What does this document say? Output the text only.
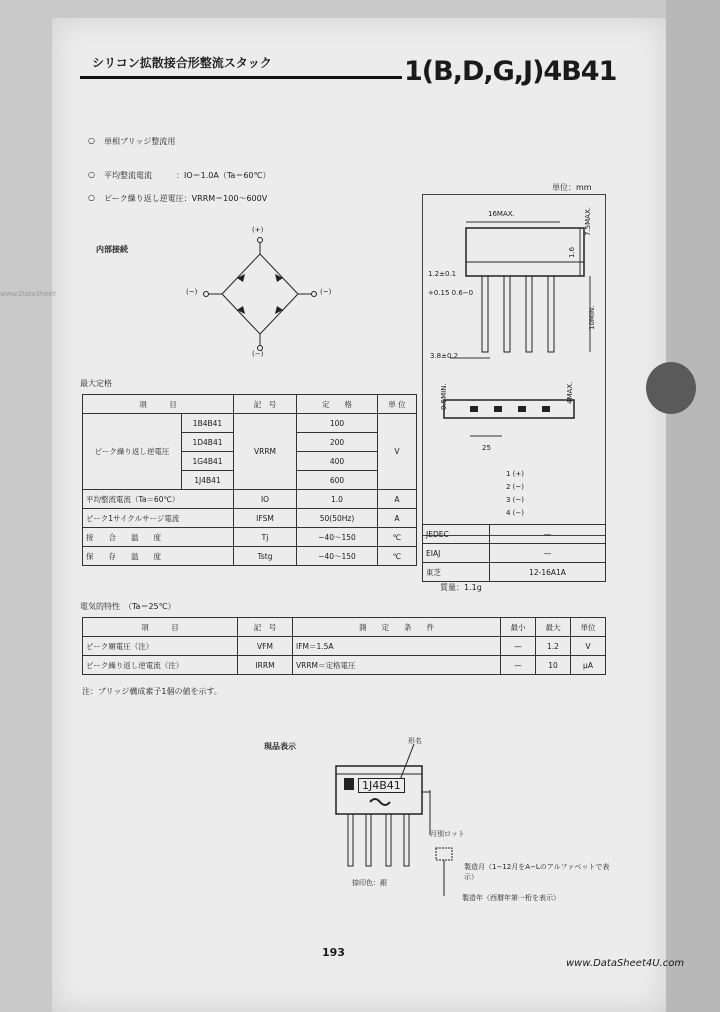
www.DataSheet
シリコン拡散接合形整流スタック	1(B,D,G,J)4B41
○ 単相ブリッジ整流用
○ 平均整流電流　　　：IO＝1.0A（Ta＝60℃）
○ ピーク繰り返し逆電圧：VRRM＝100～600V
内部接続
(+)
(−)
(~)	(~)
単位：mm
16MAX.	7.5MAX.
1.6
10MIN.
1.2±0.1
+0.15 0.6−0
3.8±0.2
0.5MIN.	4MAX.
25
1 (+)
2 (~)
3 (~)
4 (−)
JEDEC	—
EIAJ	—
東芝	12-16A1A
質量：1.1g
最大定格
項　　　目		記　号	定　　格	単 位
ピーク繰り返し逆電圧	1B4B41	VRRM	100	V
	1D4B41		200	
	1G4B41		400	
	1J4B41		600	
平均整流電流（Ta＝60℃）		IO	1.0	A
ピーク1サイクルサージ電流		IFSM	50(50Hz)	A
接　　合　　温　　度		Tj	−40～150	℃
保　　存　　温　　度		Tstg	−40～150	℃
電気的特性　（Ta＝25℃）
項　　　目	記　号	測　　定　　条　　件	最小	最大	単位
ピーク順電圧（注）	VFM	IFM＝1.5A	—	1.2	V
ピーク繰り返し逆電流（注）	IRRM	VRRM＝定格電圧	—	10	μA
注：ブリッジ構成素子1個の値を示す。
現品表示
形名
1J4B41
月別ロット
製造月（1−12月をA−Lのアルファベットで表示）
製造年（西暦年第一桁を表示）
捺印色：銀
193
www.DataSheet4U.com
